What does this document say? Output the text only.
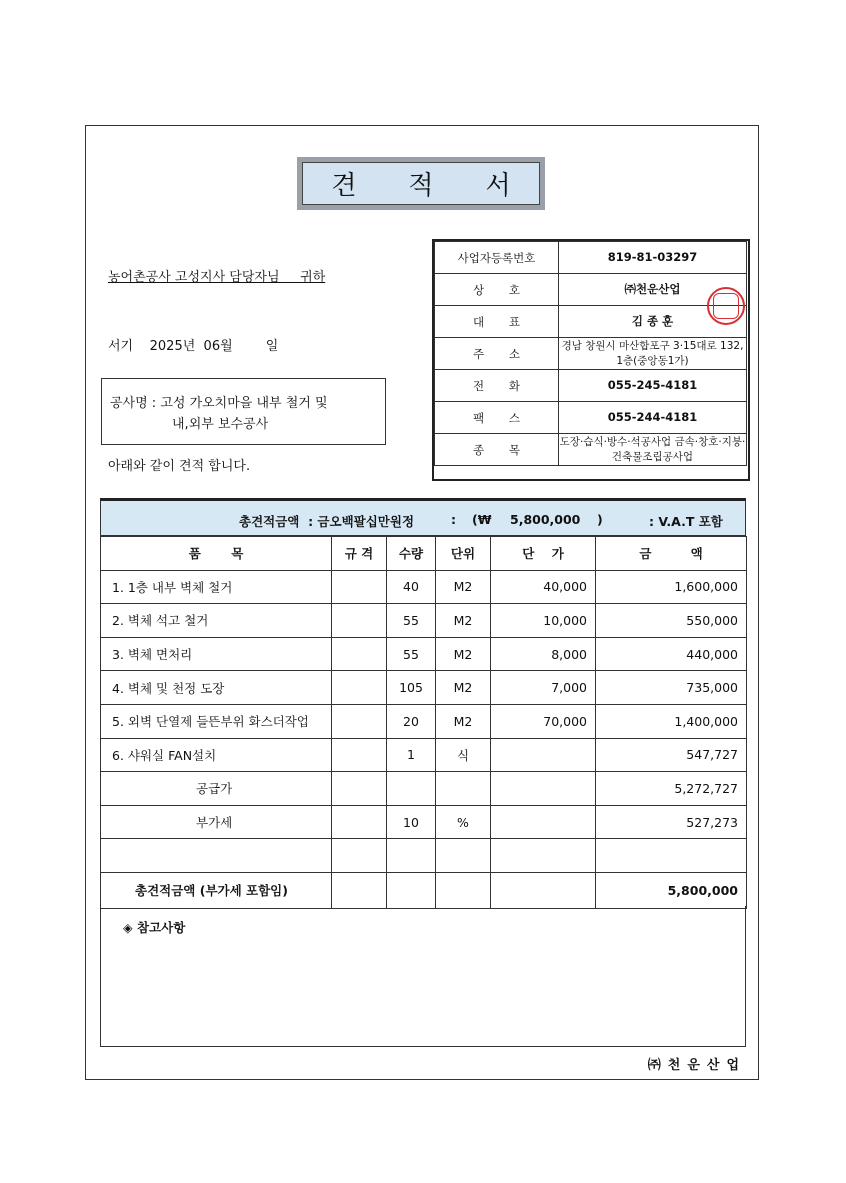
견적서
농어촌공사 고성지사 담당자님     귀하
서기    2025년  06월        일
공사명 : 고성 가오치마을 내부 철거 및
내,외부 보수공사
아래와 같이 견적 합니다.
사업자등록번호	819-81-03297

상 호	㈜천운산업

대 표	김 종 훈

주 소	경남 창원시 마산합포구 3·15대로 132, 1층(중앙동1가)

전 화	055-245-4181

팩 스	055-244-4181

종 목	도장·습식·방수·석공사업 금속·창호·지붕·건축물조립공사업
총견적금액  : 금오백팔십만원정	: (₩ 5,800,000 )	: V.A.T 포함
품       목	규 격	수량	단위	단    가	금         액
1. 1층 내부 벽체 철거		40	M2	40,000	1,600,000
2. 벽체 석고 철거		55	M2	10,000	550,000
3. 벽체 면처리		55	M2	8,000	440,000
4. 벽체 및 천정 도장		105	M2	7,000	735,000
5. 외벽 단열제 들뜬부위 화스더작업		20	M2	70,000	1,400,000
6. 샤워실 FAN설치		1	식		547,727
공급가					5,272,727
부가세		10	%		527,273

총견적금액 (부가세 포함임)					5,800,000
◈ 참고사항
㈜천운산업
